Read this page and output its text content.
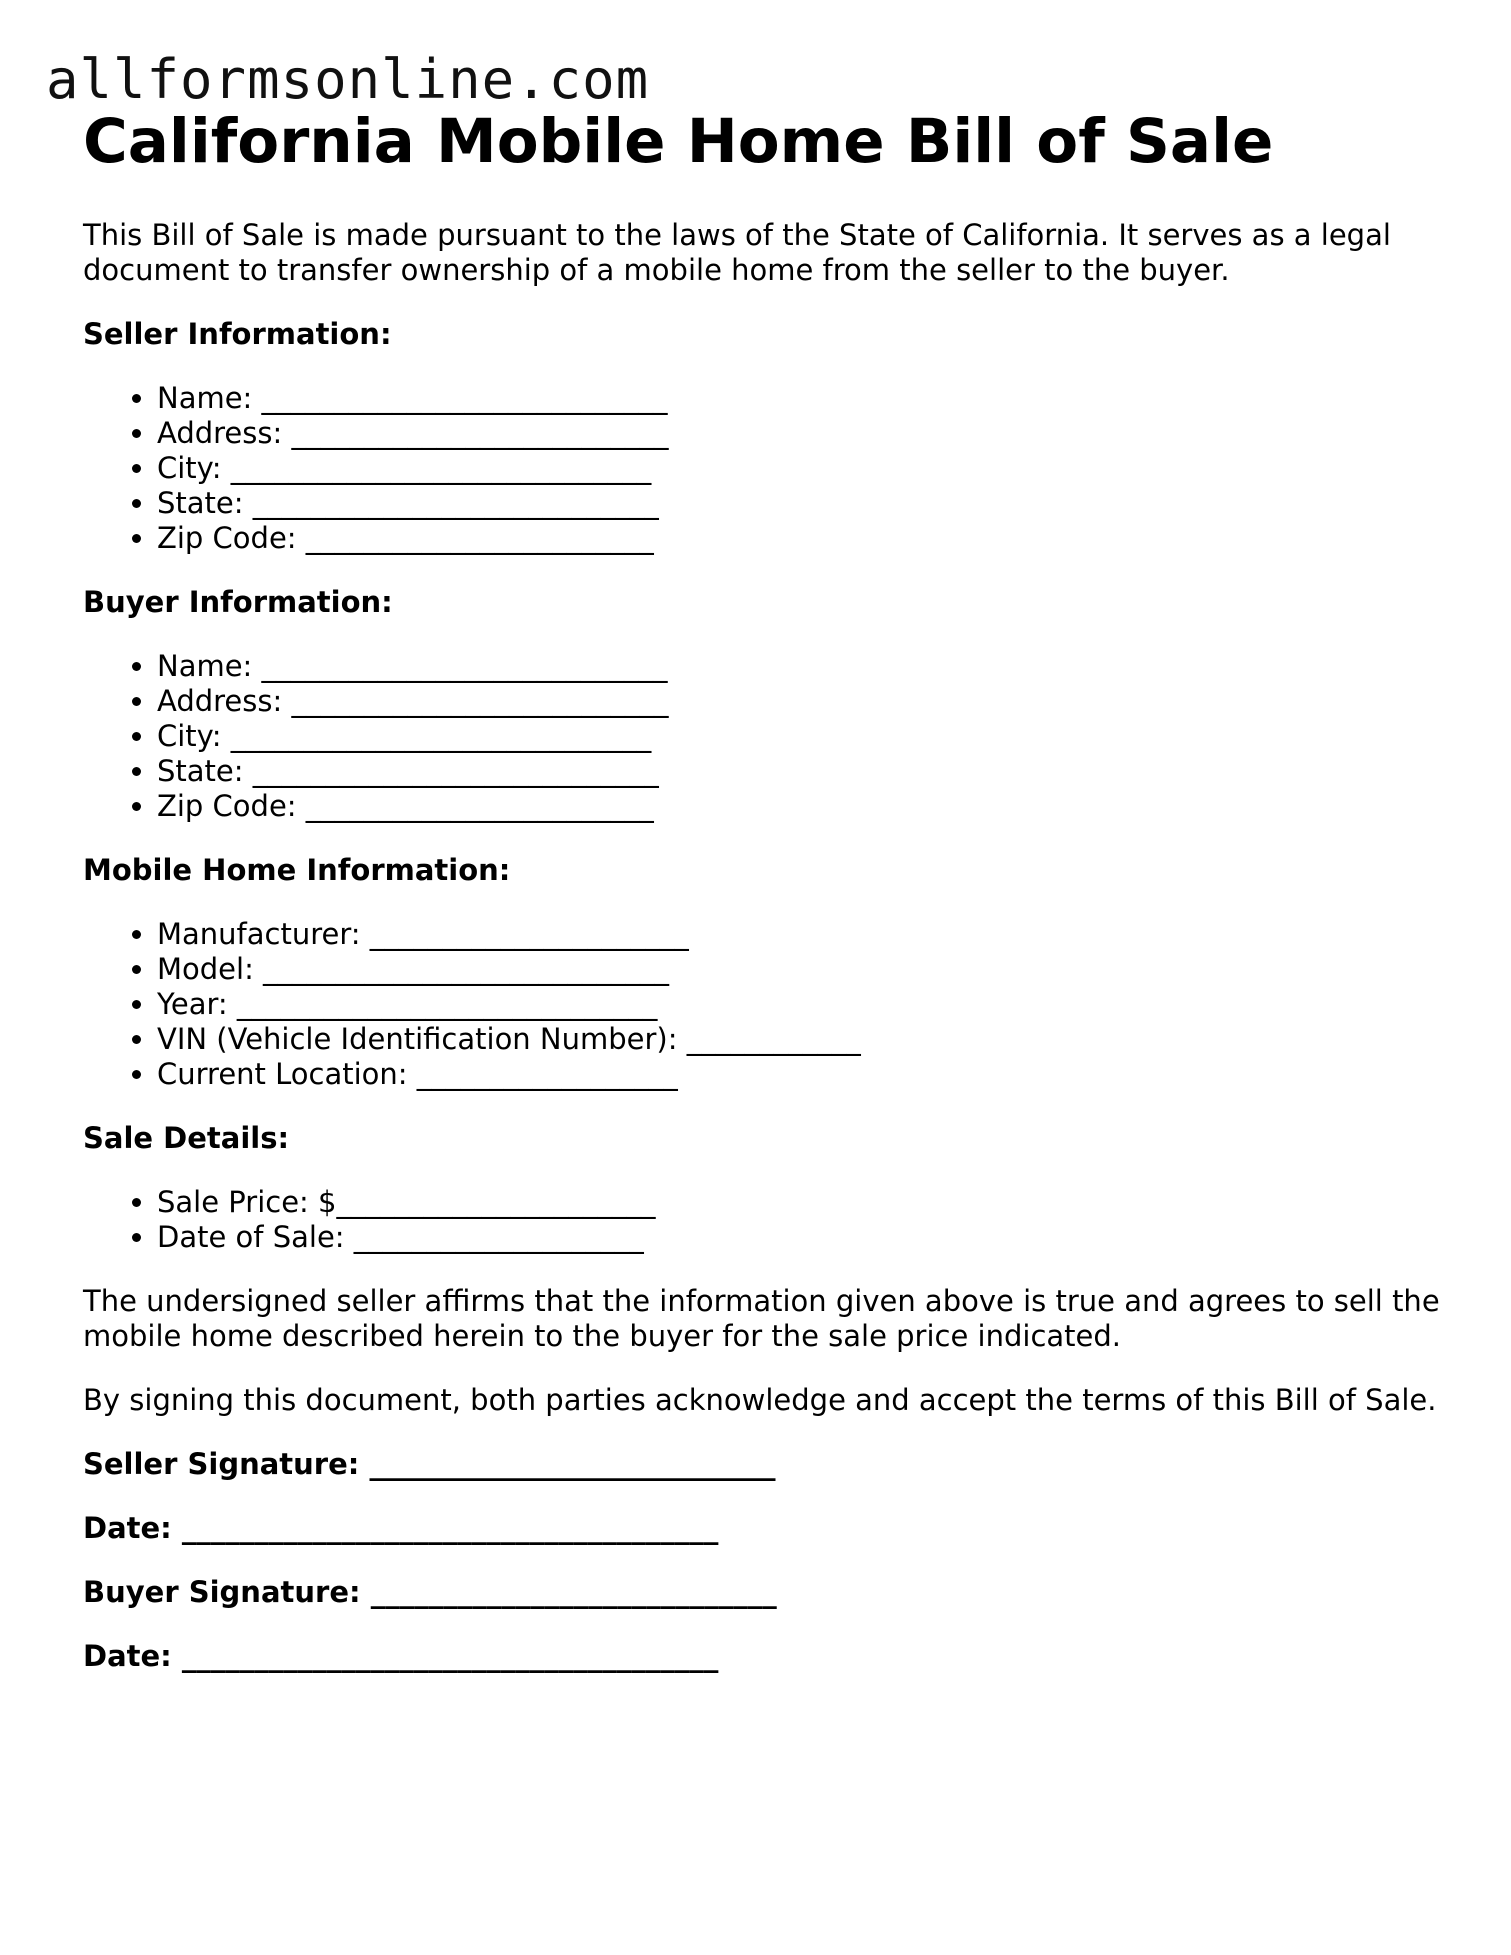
allformsonline.com
California Mobile Home Bill of Sale

This Bill of Sale is made pursuant to the laws of the State of California. It serves as a legal document to transfer ownership of a mobile home from the seller to the buyer.

Seller Information:
• Name: ____________________________
• Address: __________________________
• City: _____________________________
• State: ____________________________
• Zip Code: ________________________
Buyer Information:
• Name: ____________________________
• Address: __________________________
• City: _____________________________
• State: ____________________________
• Zip Code: ________________________
Mobile Home Information:
• Manufacturer: ______________________
• Model: ____________________________
• Year: _____________________________
• VIN (Vehicle Identification Number): ____________
• Current Location: __________________
Sale Details:
• Sale Price: $______________________
• Date of Sale: ____________________

The undersigned seller affirms that the information given above is true and agrees to sell the mobile home described herein to the buyer for the sale price indicated.

By signing this document, both parties acknowledge and accept the terms of this Bill of Sale.

Seller Signature: ____________________________
Date: _____________________________________
Buyer Signature: ____________________________
Date: _____________________________________
